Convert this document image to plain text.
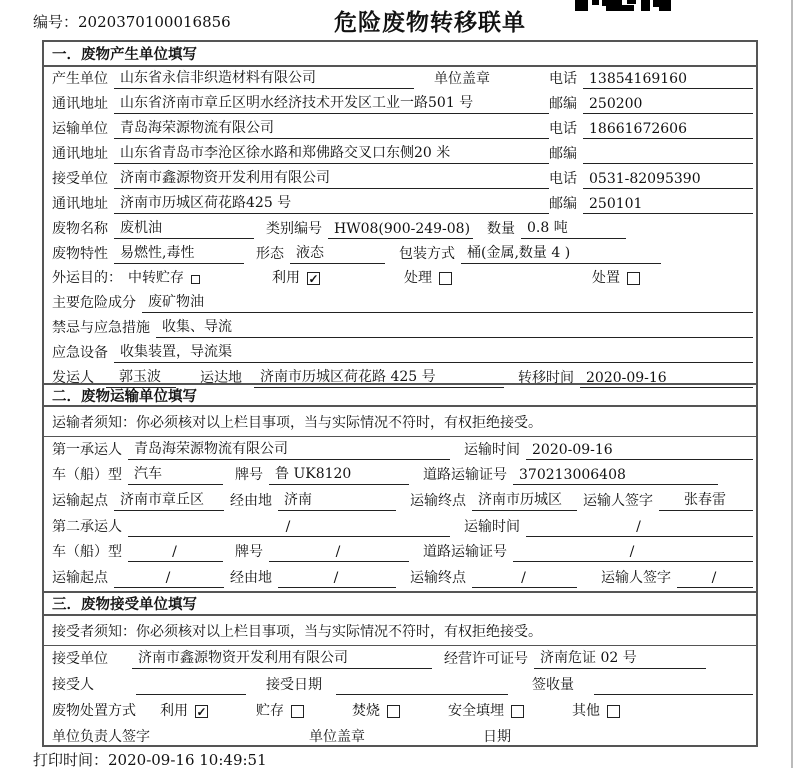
编号：2020370100016856	危险废物转移联单
一．废物产生单位填写
产生单位 山东省永信非织造材料有限公司	单位盖章	电话 13854169160
通讯地址 山东省济南市章丘区明水经济技术开发区工业一路501 号	邮编 250200
运输单位 青岛海荣源物流有限公司	电话 18661672606
通讯地址 山东省青岛市李沧区徐水路和郑佛路交叉口东侧20 米	邮编
接受单位 济南市鑫源物资开发利用有限公司	电话 0531-82095390
通讯地址 济南市历城区荷花路425 号	邮编 250101
废物名称 废机油	类别编号 HW08(900-249-08) 数量 0.8 吨
废物特性 易燃性,毒性	形态 液态	包装方式 桶(金属,数量 4 )
外运目的： 中转贮存	利用 ✓	处理	处置
主要危险成分 废矿物油
禁忌与应急措施 收集、导流
应急设备 收集装置，导流渠
发运人	郭玉波	运达地	济南市历城区荷花路 425 号	转移时间 2020-09-16
二．废物运输单位填写
运输者须知：你必须核对以上栏目事项，当与实际情况不符时，有权拒绝接受。
第一承运人 青岛海荣源物流有限公司	运输时间 2020-09-16
车（船）型 汽车	牌号 鲁 UK8120	道路运输证号 370213006408
运输起点 济南市章丘区	经由地 济南	运输终点 济南市历城区	运输人签字	张春雷
第二承运人	/	运输时间	/
车（船）型	/	牌号	/	道路运输证号	/
运输起点	/	经由地	/	运输终点	/	运输人签字	/
三．废物接受单位填写
接受者须知：你必须核对以上栏目事项，当与实际情况不符时，有权拒绝接受。
接受单位	济南市鑫源物资开发利用有限公司	经营许可证号 济南危证 02 号
接受人	接受日期	签收量
废物处置方式 利用 ✓	贮存	焚烧	安全填埋	其他
单位负责人签字	单位盖章	日期
打印时间：2020-09-16 10:49:51
